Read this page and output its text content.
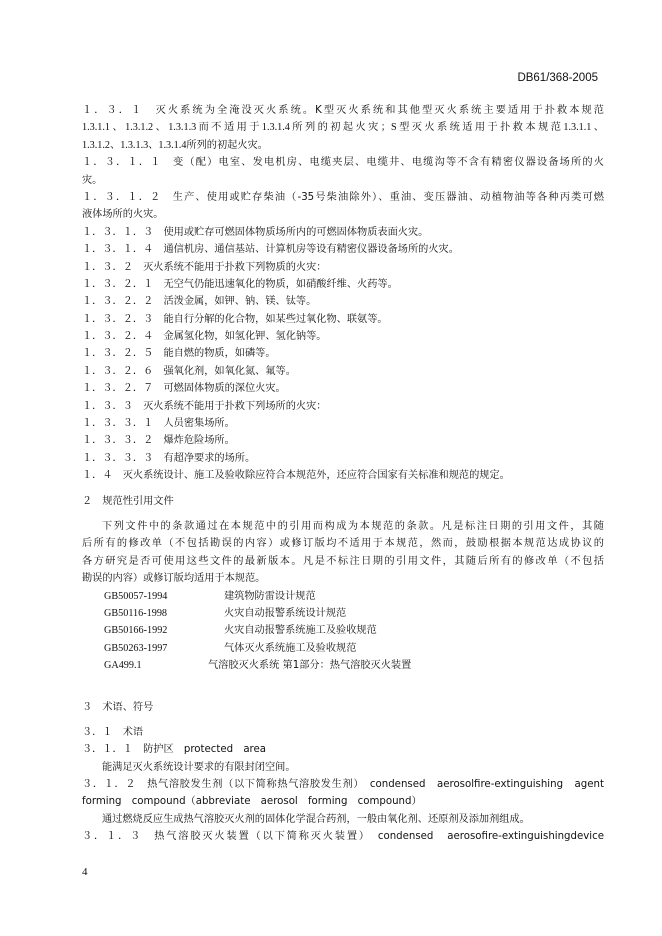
DB61/368-2005
１．３．１　灭火系统为全淹没灭火系统。K型灭火系统和其他型灭火系统主要适用于扑救本规范
1.3.1.1、1.3.1.2、1.3.1.3而不适用于1.3.1.4所列的初起火灾；S型灭火系统适用于扑救本规范1.3.1.1、
1.3.1.2、1.3.1.3、1.3.1.4所列的初起火灾。
１．３．１．１　变（配）电室、发电机房、电缆夹层、电缆井、电缆沟等不含有精密仪器设备场所的火
灾。
１．３．１．２　生产、使用或贮存柴油（-35号柴油除外）、重油、变压器油、动植物油等各种丙类可燃
液体场所的火灾。
１．３．１．３　使用或贮存可燃固体物质场所内的可燃固体物质表面火灾。
１．３．１．４　通信机房、通信基站、计算机房等设有精密仪器设备场所的火灾。
１．３．２　灭火系统不能用于扑救下列物质的火灾：
１．３．２．１　无空气仍能迅速氧化的物质，如硝酸纤维、火药等。
１．３．２．２　活泼金属，如钾、钠、镁、钛等。
１．３．２．３　能自行分解的化合物，如某些过氧化物、联氨等。
１．３．２．４　金属氢化物，如氢化钾、氢化钠等。
１．３．２．５　能自燃的物质，如磷等。
１．３．２．６　强氧化剂，如氧化氮、氟等。
１．３．２．７　可燃固体物质的深位火灾。
１．３．３　灭火系统不能用于扑救下列场所的火灾：
１．３．３．１　人员密集场所。
１．３．３．２　爆炸危险场所。
１．３．３．３　有超净要求的场所。
１．４　灭火系统设计、施工及验收除应符合本规范外，还应符合国家有关标准和规范的规定。
２　规范性引用文件
下列文件中的条款通过在本规范中的引用而构成为本规范的条款。凡是标注日期的引用文件，其随
后所有的修改单（不包括勘误的内容）或修订版均不适用于本规范，然而，鼓励根据本规范达成协议的
各方研究是否可使用这些文件的最新版本。凡是不标注日期的引用文件，其随后所有的修改单（不包括
勘误的内容）或修订版均适用于本规范。
GB50057-1994	建筑物防雷设计规范
GB50116-1998	火灾自动报警系统设计规范
GB50166-1992	火灾自动报警系统施工及验收规范
GB50263-1997	气体灭火系统施工及验收规范
GA499.1	气溶胶灭火系统 第1部分：热气溶胶灭火装置
３　术语、符号
３．１　术语
３．１．１　防护区　protected　area
能满足灭火系统设计要求的有限封闭空间。
３．１．２　热气溶胶发生剂（以下简称热气溶胶发生剂）　condensed　aerosolfire-extinguishing　agent
forming　compound（abbreviate　aerosol　forming　compound）
通过燃烧反应生成热气溶胶灭火剂的固体化学混合药剂，一般由氧化剂、还原剂及添加剂组成。
３．１．３　热气溶胶灭火装置（以下简称灭火装置）　condensed　aerosofire-extinguishingdevice
4
